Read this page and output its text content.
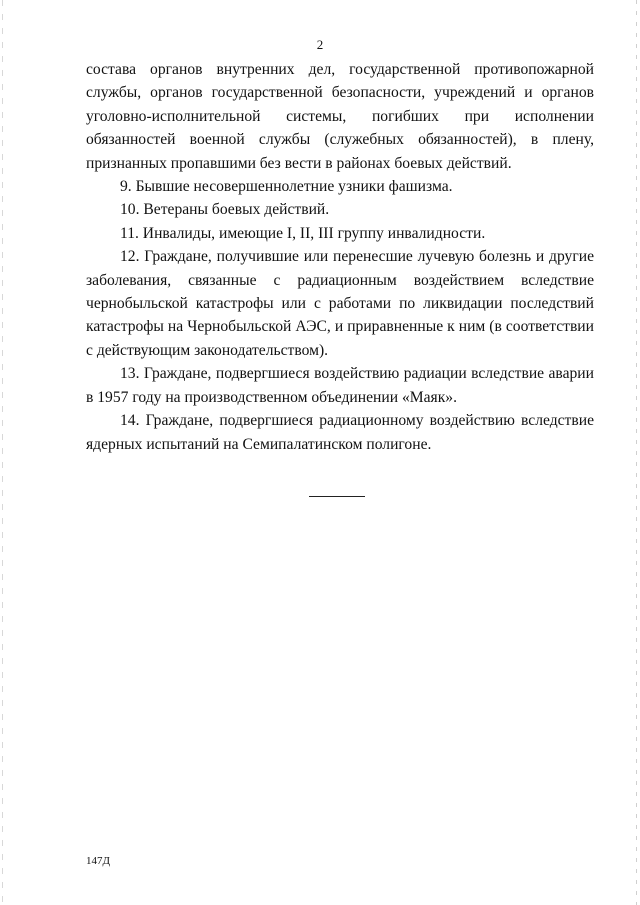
2

состава органов внутренних дел, государственной противопожарной службы, органов государственной безопасности, учреждений и органов уголовно-исполнительной системы, погибших при исполнении обязанностей военной службы (служебных обязанностей), в плену, признанных пропавшими без вести в районах боевых действий.

9. Бывшие несовершеннолетние узники фашизма.

10. Ветераны боевых действий.

11. Инвалиды, имеющие I, II, III группу инвалидности.

12. Граждане, получившие или перенесшие лучевую болезнь и другие заболевания, связанные с радиационным воздействием вследствие чернобыльской катастрофы или с работами по ликвидации последствий катастрофы на Чернобыльской АЭС, и приравненные к ним (в соответствии с действующим законодательством).

13. Граждане, подвергшиеся воздействию радиации вследствие аварии в 1957 году на производственном объединении «Маяк».

14. Граждане, подвергшиеся радиационному воздействию вследствие ядерных испытаний на Семипалатинском полигоне.

147Д
